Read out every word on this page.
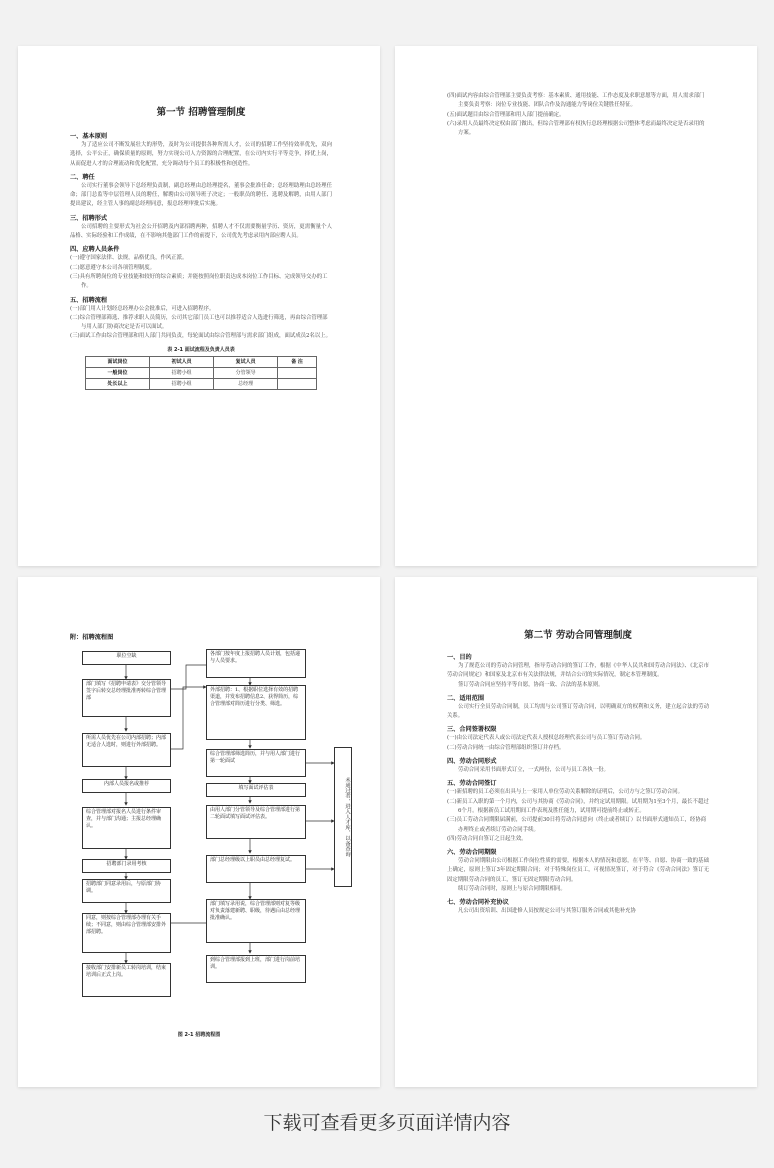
第一节 招聘管理制度
一、基本原则
为了适应公司不断发展壮大的形势，及时为公司提供各种所需人才，公司的招聘工作坚持效率优先，双向选择，公平公正，确保质量的原则，努力实现公司人力资源的合理配置，在公司内实行平等竞争，择优上岗，从而促进人才的合理流动和优化配置，充分调动每个员工的积极性和创造性。
二、聘任
公司实行董事会领导下总经理负责制，副总经理由总经理提名，董事会批准任命；总经理助理由总经理任命；部门总监等中层管理人员的聘任，解聘由公司领导班子决定；一般职员的聘任、选聘及解聘，由用人部门提出建议，经主管人事的副总经理同意，报总经理审批后实施。
三、招聘形式
公司招聘的主要形式为社会公开招聘及内部招聘两种，招聘人才不仅需要衡量学历、资历，更需衡量个人品格、实际经验和工作成绩，在不影响其他部门工作的前提下，公司优先考虑录用内部应聘人员。
四、应聘人员条件
(一)遵守国家法律、法规，品格优良，作风正派。
(二)愿意遵守本公司各项管理制度。
(三)具有所聘岗位的专业技能和较好的综合素质；并能按照岗位职责达成本岗位工作目标、完成领导交办的工作。
五、招聘流程
(一)部门用人计划经总经理办公会批准后，可进入招聘程序。
(二)综合管理部筛选、推荐求职人员简历，公司其它部门员工也可以推荐适合人选进行筛选，再由综合管理部与用人部门协商决定是否可以面试。
(三)面试工作由综合管理部和用人部门共同负责，每轮面试由综合管理部与需求部门组成，面试成员2名以上。
表 2-1 面试流程及负责人员表
面试岗位	初试人员	复试人员	备 注
一般岗位	招聘小组	分管领导	
处长以上	招聘小组	总经理	
(四)面试内容由综合管理部主要负责考察：基本素质、通用技能、工作态度及求职意愿等方面，用人需求部门主要负责考察：岗位专业技能、团队合作及沟通能力等岗位关键胜任特征。
(五)面试题目由综合管理部和用人部门提前确定。
(六)录用人员最终决定权由部门做出，但综合管理部有权执行总经理根据公司整体考虑而最终决定是否录用的方案。
附：招聘流程图
职位空缺
部门填写《招聘申请表》交分管领导签字后转交总经理批准再转综合管理部
所需人员优先在公司内部招聘；内部无适合人选时，则进行外部招聘。
内部人员报名或推荐
综合管理部对报名人员进行条件审查，并与部门沟通；主报总经理确认。
招聘部门录用考核
招聘部门同意录用后，与原部门协调。
同意，则按综合管理部办理有关手续；不同意，则由综合管理部安排外部招聘。
接收部门安排新员工转岗培训，结束培训后正式上岗。
各部门按年度上报招聘人员计划，包括递与人员要求。
外部招聘：1、根据职位选择有效的招聘渠道，并发布招聘信息2、获得简历，综合管理部对简历进行分类、筛选。
综合管理部筛选简历，并与用人部门进行第一轮面试
填写面试评估表
由用人部门分管领导及综合管理部进行第二轮面试填写面试评估表。
部门总经理级以上职员由总经理复试。
部门填写录用说，综合管理部则对复等级对负责落建新聘、职级，待遇后由总经理批准确认。
到综合管理部报到上班，部门进行岗前培训。
未通过者，进入人才库，以备查询
图 2-1 招聘流程图
第二节 劳动合同管理制度
一、目的
为了规范公司的劳动合同管理，指导劳动合同的签订工作，根据《中华人民共和国劳动合同法》、《北京市劳动合同规定》和国家及北京市有关法律法规，并结合公司的实际情况，制定本管理制度。
签订劳动合同应坚持平等自愿，协商一致、合法的基本原则。
二、适用范围
公司实行全员劳动合同制，员工均需与公司签订劳动合同，以明确双方的权利和义务，建立起合法的劳动关系。
三、合同签署权限
(一)由公司法定代表人或公司法定代表人授权总经理代表公司与员工签订劳动合同。
(二)劳动合同统一由综合管理部组织签订并存档。
四、劳动合同形式
劳动合同采用书面形式订立，一式两份，公司与员工各执一份。
五、劳动合同签订
(一)新招聘的员工必须在出具与上一家用人单位劳动关系解除的证明后，公司方与之签订劳动合同。
(二)新员工入职的第一个月内，公司与其协商《劳动合同》，并约定试用期限。试用期为1至3个月，最长不超过6个月。根据新员工试用期间工作表现及胜任能力，试用期可提前终止或转正。
(三)员工劳动合同期限届满前，公司提前30日将劳动合同意向（终止或者续订）以书面形式通知员工，经协商办理终止或者续订劳动合同手续。
(四)劳动合同自签订之日起生效。
六、劳动合同期限
劳动合同期限由公司根据工作岗位性质的需要，根据本人的情况和意愿，在平等、自愿、协商一致的基础上确定，原则上签订3年固定期限合同；对于特殊岗位员工，可视情况签订，对于符合《劳动合同法》签订无固定期限劳动合同的员工，签订无固定期限劳动合同。
续订劳动合同时，原则上与原合同期限相同。
七、劳动合同补充协议
凡公司出资培训、出国进修人员按规定公司与其签订服务合同或其他补充协
下载可查看更多页面详情内容
